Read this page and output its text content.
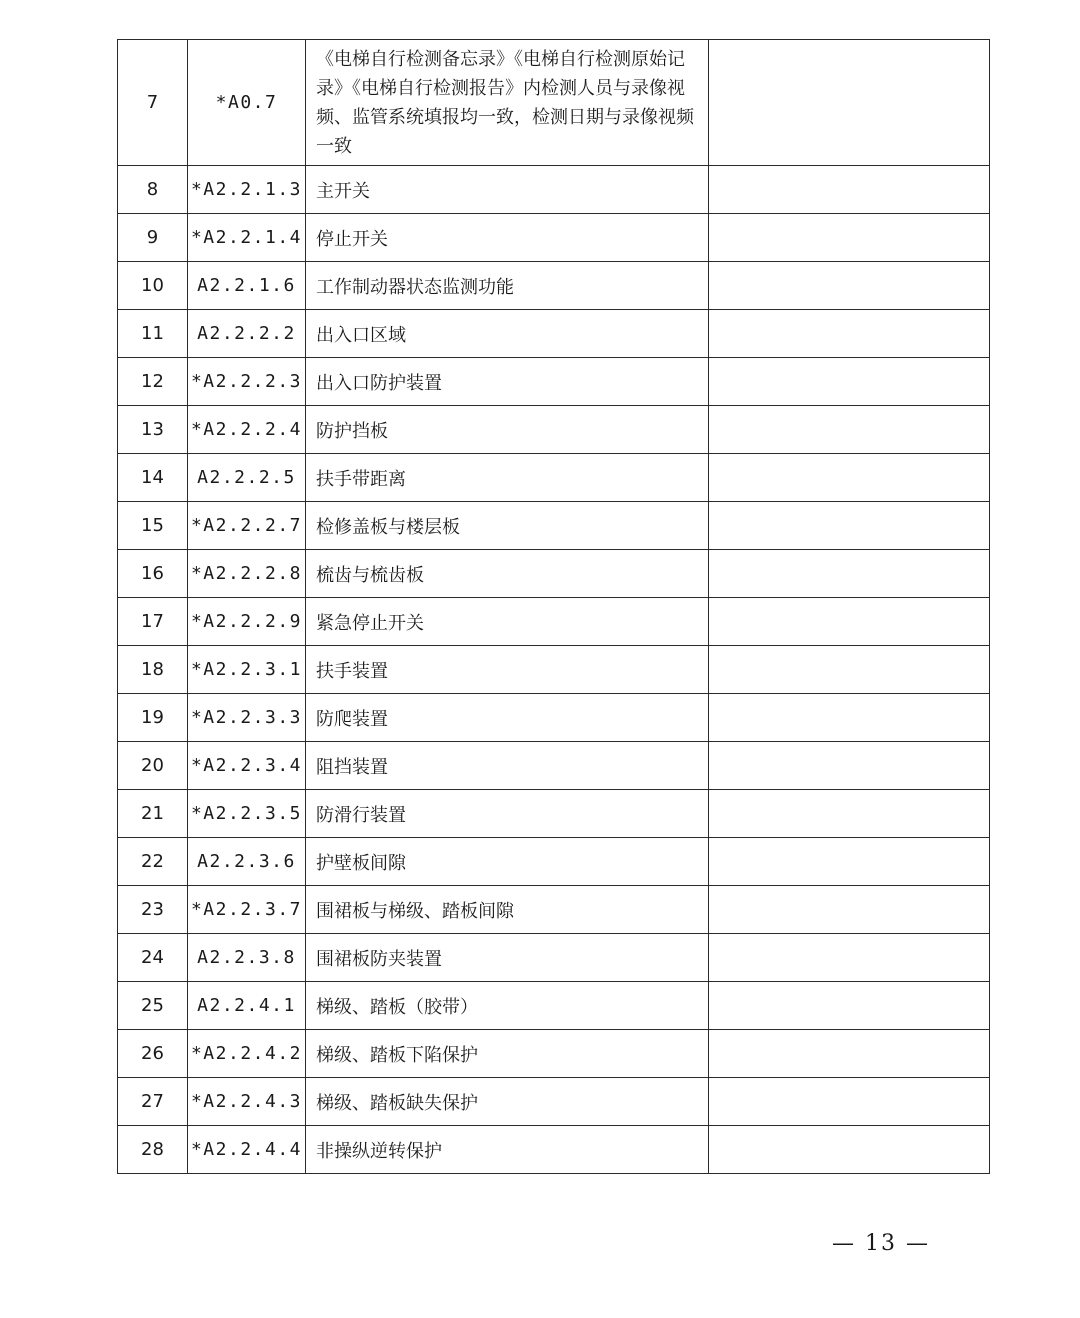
7	*A0.7	《电梯自行检测备忘录》《电梯自行检测原始记录》《电梯自行检测报告》内检测人员与录像视频、监管系统填报均一致，检测日期与录像视频一致	
8	*A2.2.1.3	主开关	
9	*A2.2.1.4	停止开关	
10	A2.2.1.6	工作制动器状态监测功能	
11	A2.2.2.2	出入口区域	
12	*A2.2.2.3	出入口防护装置	
13	*A2.2.2.4	防护挡板	
14	A2.2.2.5	扶手带距离	
15	*A2.2.2.7	检修盖板与楼层板	
16	*A2.2.2.8	梳齿与梳齿板	
17	*A2.2.2.9	紧急停止开关	
18	*A2.2.3.1	扶手装置	
19	*A2.2.3.3	防爬装置	
20	*A2.2.3.4	阻挡装置	
21	*A2.2.3.5	防滑行装置	
22	A2.2.3.6	护壁板间隙	
23	*A2.2.3.7	围裙板与梯级、踏板间隙	
24	A2.2.3.8	围裙板防夹装置	
25	A2.2.4.1	梯级、踏板（胶带）	
26	*A2.2.4.2	梯级、踏板下陷保护	
27	*A2.2.4.3	梯级、踏板缺失保护	
28	*A2.2.4.4	非操纵逆转保护	
— 13 —
